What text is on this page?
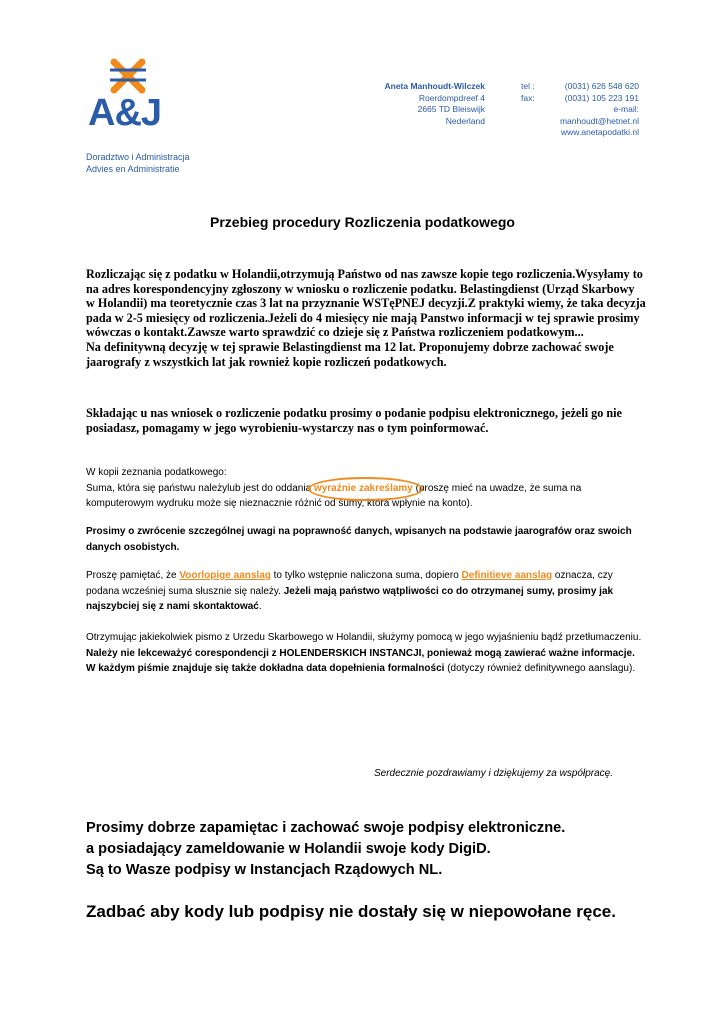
A&J
Doradztwo i Administracja
Advies en Administratie
Aneta Manhoudt-Wilczek
Roerdompdreef 4
2665 TD Bleiswijk
Nederland
tel :
fax:
(0031) 626 548 620
(0031) 105 223 191
e-mail: manhoudt@hetnet.nl
www.anetapodatki.nl
Przebieg procedury Rozliczenia podatkowego
Rozliczając się z podatku w Holandii,otrzymują Państwo od nas zawsze kopie tego rozliczenia.Wysyłamy to na adres korespondencyjny zgłoszony w wniosku o rozliczenie podatku. Belastingdienst (Urząd Skarbowy w Holandii) ma teoretycznie czas 3 lat na przyznanie WSTęPNEJ decyzji.Z praktyki wiemy, że taka decyzja pada w 2-5 miesięcy od rozliczenia.Jeżeli do 4 miesięcy nie mają Panstwo informacji w tej sprawie prosimy wówczas o kontakt.Zawsze warto sprawdzić co dzieje się z Państwa rozliczeniem podatkowym...
Na definitywną decyzję w tej sprawie Belastingdienst ma 12 lat. Proponujemy dobrze zachować swoje jaarografy z wszystkich lat jak rownież kopie rozliczeń podatkowych.
Składając u nas wniosek o rozliczenie podatku prosimy o podanie podpisu elektronicznego, jeżeli go nie posiadasz, pomagamy w jego wyrobieniu-wystarczy nas o tym poinformować.
W kopii zeznania podatkowego:
Suma, która się państwu należylub jest do oddania
wyraźnie zakreślamy (proszę mieć na uwadze, że suma na komputerowym wydruku może się nieznacznie różnić od sumy, która wpłynie na konto).
Prosimy o zwrócenie szczególnej uwagi na poprawność danych, wpisanych na podstawie jaarografów oraz swoich danych osobistych.
Proszę pamiętać, że Voorlopige aanslag to tylko wstępnie naliczona suma, dopiero Definitieve aanslag oznacza, czy podana wcześniej suma słusznie się należy. Jeżeli mają państwo wątpliwości co do otrzymanej sumy, prosimy jak najszybciej się z nami skontaktować.
Otrzymując jakiekolwiek pismo z Urzedu Skarbowego w Holandii, służymy pomocą w jego wyjaśnieniu bądź przetłumaczeniu. Należy nie lekceważyć corespondencji z HOLENDERSKICH INSTANCJI, ponieważ mogą zawierać ważne informacje. W każdym piśmie znajduje się także dokładna data dopełnienia formalności (dotyczy również definitywnego aanslagu).
Serdecznie pozdrawiamy i dziękujemy za współpracę.
Prosimy dobrze zapamiętac i zachować swoje podpisy elektroniczne.
a posiadający zameldowanie w Holandii swoje kody DigiD.
Są to Wasze podpisy w Instancjach Rządowych NL.
Zadbać aby kody lub podpisy nie dostały się w niepowołane ręce.
